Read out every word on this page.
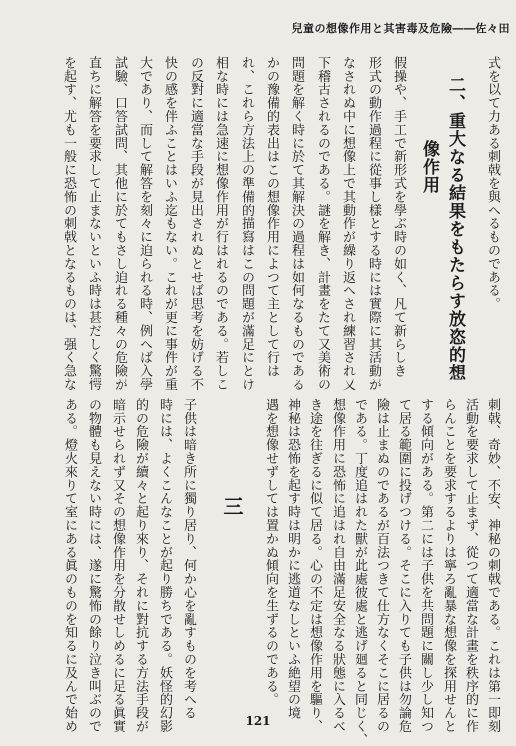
兒童の想像作用と其害毒及危險――佐々田
式を以て力ある刺戟を與へるものである。
二、
重大なる結果をもたらす放恣的想
像作用
假操や、手工で新形式を學ぶ時の如く、凡て新らしき
形式の動作過程に從事し樣とする時には實際に其活動が
なされぬ中に想像上で其動作が繰り返へされ練習され又
下稽古されるのである。謎を解き、計畫をたて又美術の
問題を解く時に於て其解決の過程は如何なるものである
かの豫備的表出はこの想像作用によつて主として行は
れ、これら方法上の準備的描寫はこの問題が滿足にとけ
相な時には急速に想像作用が行はれるのである。若しこ
の反對に適當な手段が見出されぬとせば思考を妨げる不
快の感を伴ふことはいふ迄もない。これが更に事件が重
大であり、而して解答を刻々に迫られる時、例へば入學
試驗、口答試問、其他に於てもさし迫れる種々の危險が
直ちに解答を要求して止まないといふ時は甚だしく驚愕
を起す、尤も一般に恐怖の刺戟となるものは、强く急な
刺戟、奇妙、不安、神秘の刺戟である。これは第一即刻
活動を要求して止まず、從つて適當な計畫を秩序的に作
らんことを要求するよりは寧ろ亂暴な想像を探用せんと
する傾向がある。第二には子供を共問題に關し少し知つ
て居る範圍に投げつける。そこに入りても子供は勿論危
險は止まぬのであるが百法つきて仕方なくそこに居るの
である。丁度追はれた獸が此處彼處と逃げ廻ると同じく、
想像作用に恐怖に追はれ自由滿足安全なる狀態に入るべ
き途を往ぎるに似て居る。心の不定は想像作用を驅り、
神秘は恐怖を起す時は明かに逃道なしといふ絶望の境
遇を想像せずしては置かぬ傾向を生ずるのである。
三
子供は暗き所に獨り居り、何か心を亂すものを考へる
時には、よくこんなことが起り勝ちである。妖怪的幻影
的の危險が續々と起り來り、それに對抗する方法手段が
暗示せられず又その想像作用を分散せしめるに足る眞實
の物體も見えない時には、遂に驚怖の餘り泣き叫ぶので
ある。燈火來りて室にある眞のものを知るに及んで始め	121
